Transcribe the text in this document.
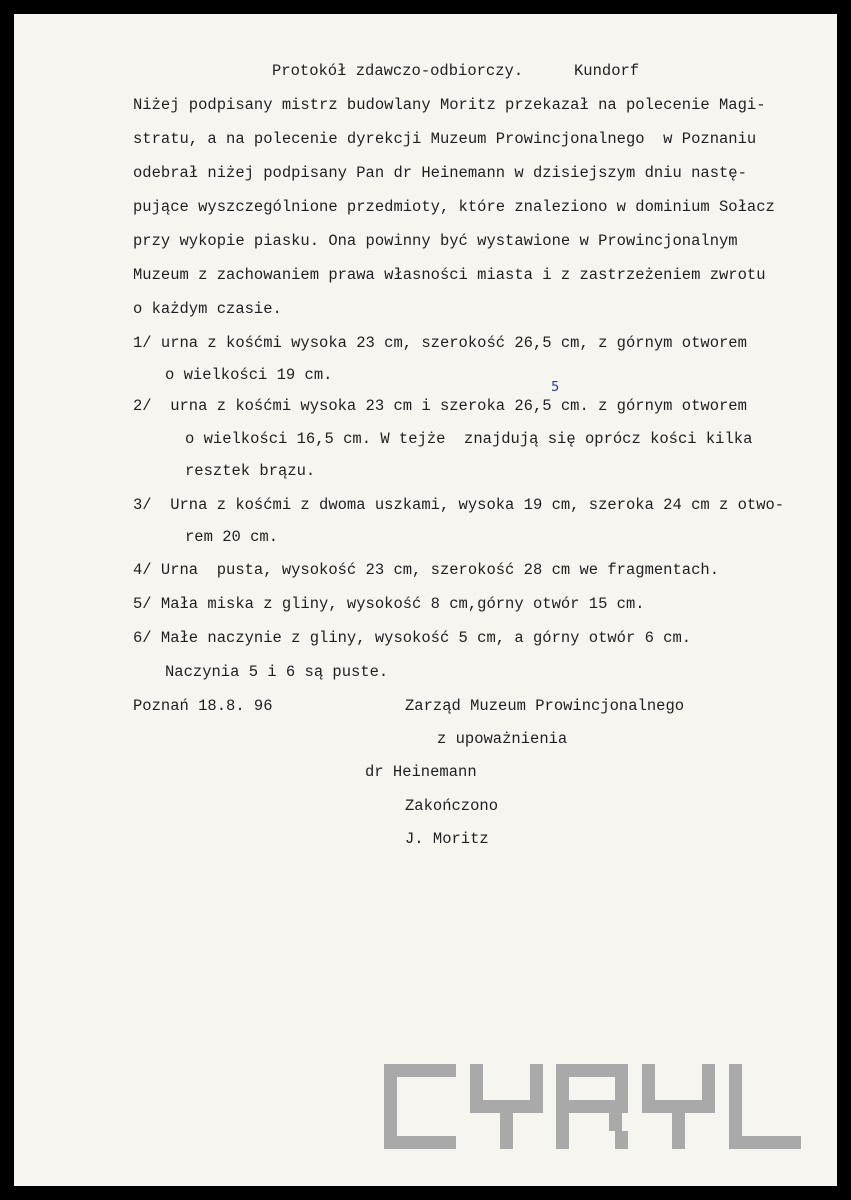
Protokół zdawczo-odbiorczy.	Kundorf
Niżej podpisany mistrz budowlany Moritz przekazał na polecenie Magi-
stratu, a na polecenie dyrekcji Muzeum Prowincjonalnego  w Poznaniu
odebrał niżej podpisany Pan dr Heinemann w dzisiejszym dniu nastę-
pujące wyszczególnione przedmioty, które znaleziono w dominium Sołacz
przy wykopie piasku. Ona powinny być wystawione w Prowincjonalnym
Muzeum z zachowaniem prawa własności miasta i z zastrzeżeniem zwrotu
o każdym czasie.
1/ urna z kośćmi wysoka 23 cm, szerokość 26,5 cm, z górnym otworem
o wielkości 19 cm.
2/  urna z kośćmi wysoka 23 cm i szeroka 26,5 cm. z górnym otworem
5
o wielkości 16,5 cm. W tejże  znajdują się oprócz kości kilka
resztek brązu.
3/  Urna z kośćmi z dwoma uszkami, wysoka 19 cm, szeroka 24 cm z otwo-
rem 20 cm.
4/ Urna  pusta, wysokość 23 cm, szerokość 28 cm we fragmentach.
5/ Mała miska z gliny, wysokość 8 cm,górny otwór 15 cm.
6/ Małe naczynie z gliny, wysokość 5 cm, a górny otwór 6 cm.
Naczynia 5 i 6 są puste.
Poznań 18.8. 96	Zarząd Muzeum Prowincjonalnego
z upoważnienia
dr Heinemann
Zakończono
J. Moritz
